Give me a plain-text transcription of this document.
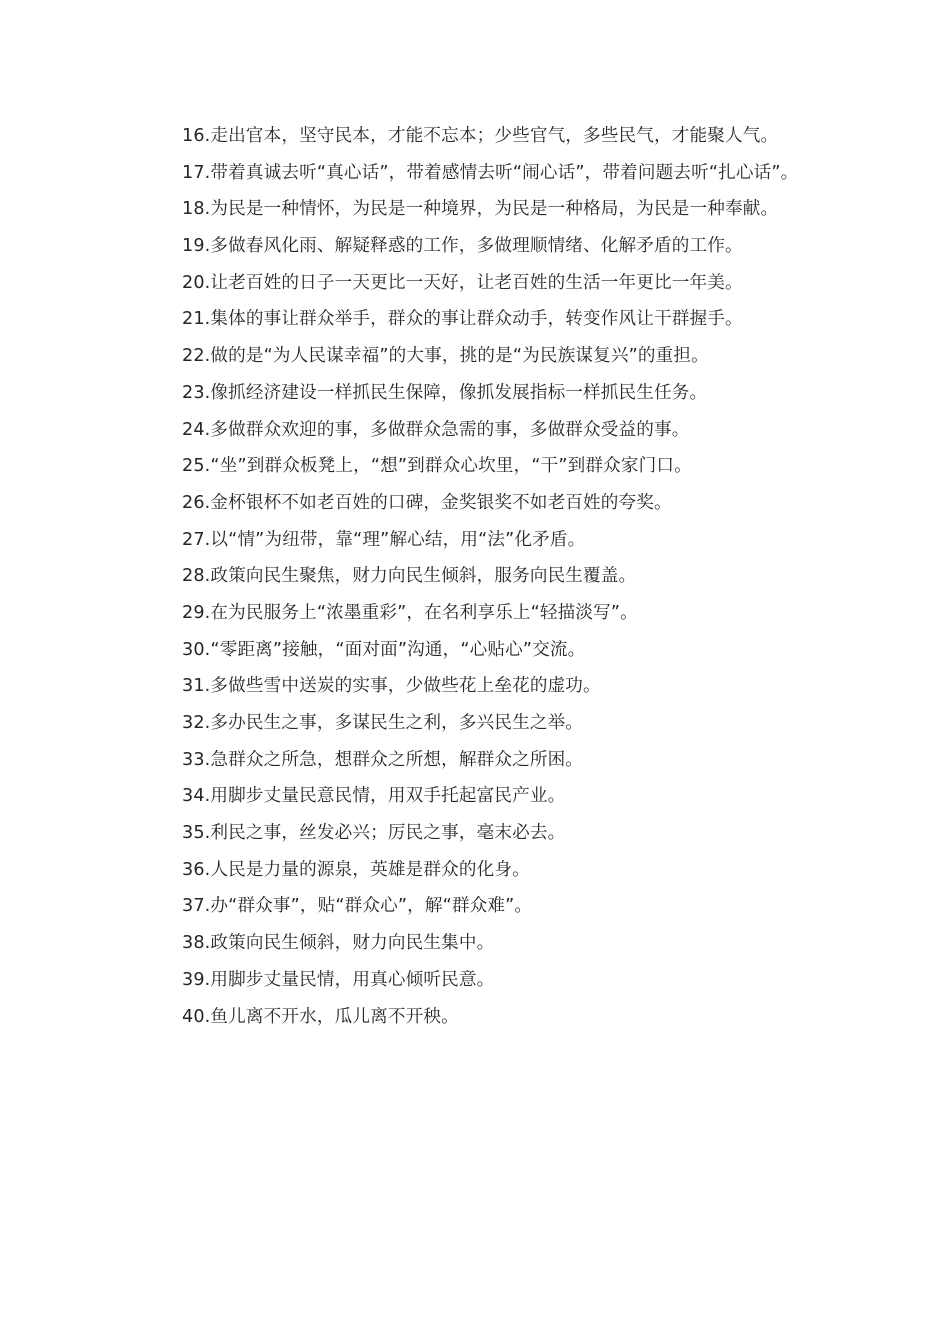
16.走出官本，坚守民本，才能不忘本；少些官气，多些民气，才能聚人气。

17.带着真诚去听“真心话”，带着感情去听“闹心话”，带着问题去听“扎心话”。

18.为民是一种情怀，为民是一种境界，为民是一种格局，为民是一种奉献。

19.多做春风化雨、解疑释惑的工作，多做理顺情绪、化解矛盾的工作。

20.让老百姓的日子一天更比一天好，让老百姓的生活一年更比一年美。

21.集体的事让群众举手，群众的事让群众动手，转变作风让干群握手。

22.做的是“为人民谋幸福”的大事，挑的是“为民族谋复兴”的重担。

23.像抓经济建设一样抓民生保障，像抓发展指标一样抓民生任务。

24.多做群众欢迎的事，多做群众急需的事，多做群众受益的事。

25.“坐”到群众板凳上，“想”到群众心坎里，“干”到群众家门口。

26.金杯银杯不如老百姓的口碑，金奖银奖不如老百姓的夸奖。

27.以“情”为纽带，靠“理”解心结，用“法”化矛盾。

28.政策向民生聚焦，财力向民生倾斜，服务向民生覆盖。

29.在为民服务上“浓墨重彩”，在名利享乐上“轻描淡写”。

30.“零距离”接触，“面对面”沟通，“心贴心”交流。

31.多做些雪中送炭的实事，少做些花上垒花的虚功。

32.多办民生之事，多谋民生之利，多兴民生之举。

33.急群众之所急，想群众之所想，解群众之所困。

34.用脚步丈量民意民情，用双手托起富民产业。

35.利民之事，丝发必兴；厉民之事，毫末必去。

36.人民是力量的源泉，英雄是群众的化身。

37.办“群众事”，贴“群众心”，解“群众难”。

38.政策向民生倾斜，财力向民生集中。

39.用脚步丈量民情，用真心倾听民意。

40.鱼儿离不开水，瓜儿离不开秧。
